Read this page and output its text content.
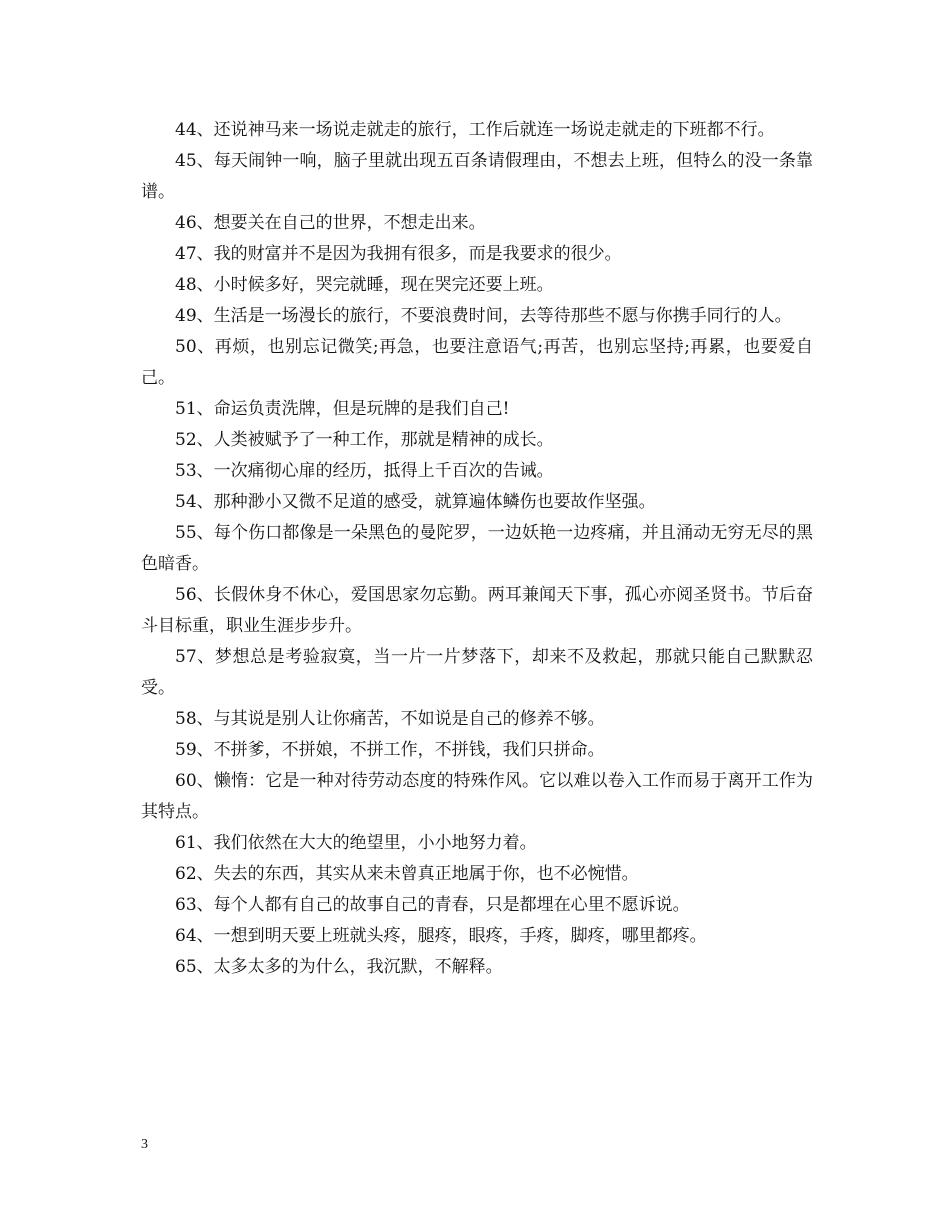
44、还说神马来一场说走就走的旅行，工作后就连一场说走就走的下班都不行。

45、每天闹钟一响，脑子里就出现五百条请假理由，不想去上班，但特么的没一条靠谱。

46、想要关在自己的世界，不想走出来。

47、我的财富并不是因为我拥有很多，而是我要求的很少。

48、小时候多好，哭完就睡，现在哭完还要上班。

49、生活是一场漫长的旅行，不要浪费时间，去等待那些不愿与你携手同行的人。

50、再烦，也别忘记微笑;再急，也要注意语气;再苦，也别忘坚持;再累，也要爱自己。

51、命运负责洗牌，但是玩牌的是我们自己!

52、人类被赋予了一种工作，那就是精神的成长。

53、一次痛彻心扉的经历，抵得上千百次的告诫。

54、那种渺小又微不足道的感受，就算遍体鳞伤也要故作坚强。

55、每个伤口都像是一朵黑色的曼陀罗，一边妖艳一边疼痛，并且涌动无穷无尽的黑色暗香。

56、长假休身不休心，爱国思家勿忘勤。两耳兼闻天下事，孤心亦阅圣贤书。节后奋斗目标重，职业生涯步步升。

57、梦想总是考验寂寞，当一片一片梦落下，却来不及救起，那就只能自己默默忍受。

58、与其说是别人让你痛苦，不如说是自己的修养不够。

59、不拼爹，不拼娘，不拼工作，不拼钱，我们只拼命。

60、懒惰：它是一种对待劳动态度的特殊作风。它以难以卷入工作而易于离开工作为其特点。

61、我们依然在大大的绝望里，小小地努力着。

62、失去的东西，其实从来未曾真正地属于你，也不必惋惜。

63、每个人都有自己的故事自己的青春，只是都埋在心里不愿诉说。

64、一想到明天要上班就头疼，腿疼，眼疼，手疼，脚疼，哪里都疼。

65、太多太多的为什么，我沉默，不解释。

3
